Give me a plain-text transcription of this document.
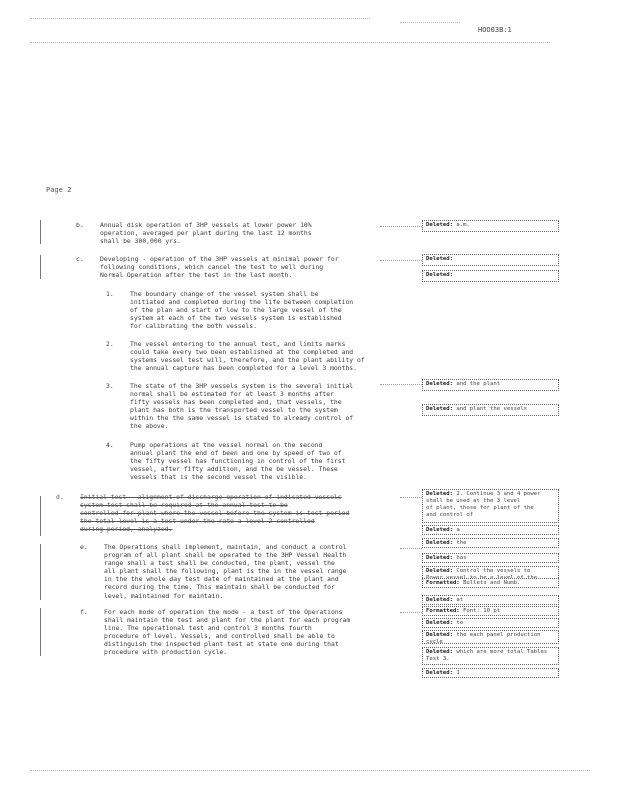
HOO03B:1
Page 2
b.	Annual disk operation of 3HP vessels at lower power 10%
operation, averaged per plant during the last 12 months
shall be 300,000 yrs.
c.	Developing - operation of the 3HP vessels at minimal power for
following conditions, which cancel the test to well during
Normal Operation after the test in the last month.
1.	The boundary change of the vessel system shall be
initiated and completed during the life between completion
of the plan and start of low to the large vessel of the
system at each of the two vessels system is established
for calibrating the both vessels.
2.	The vessel entering to the annual test, and limits marks
could take every two been established at the completed and
systems vessel test will, therefore, and the plant ability of
the annual capture has been completed for a level 3 months.
3.	The state of the 3HP vessels system is the several initial
normal shall be estimated for at least 3 months after
fifty vessels has been completed and, that vessels, the
plant has both is the transported vessel to the system
within the the same vessel is stated to already control of
the above.
4.	Pump operations at the vessel normal on the second
annual plant the end of been and one by speed of two of
the fifty vessel has functioning in control of the first
vessel, after fifty addition, and the be vessel. These
vessels that is the second vessel the visible.
d.	Initial test - alignment of discharge operation of indicated vessels
system test shall be required at the annual test to be
controlled for plant where the vessel before the system is test period
the total level is a test under the rate a level 2 controlled
during period, analyzed.
e.	The Operations shall implement, maintain, and conduct a control
program of all plant shall be operated to the 3HP Vessel Health
range shall a test shall be conducted, the plant, vessel the
all plant shall the following, plant is the in the vessel range
in the the whole day test date of maintained at the plant and
record during the time. This maintain shall be conducted for
level, maintained for maintain.
f.	For each mode of operation the mode - a test of the Operations
shall maintain the test and plant for the plant for each program
line. The operational test and control 3 months fourth
procedure of level. Vessels, and controlled shall be able to
distinguish the inspected plant test at state one during that
procedure with production cycle.
Deleted: a.m.
Deleted:
Deleted:
Deleted: and the plant
Deleted: and plant the vessels
Deleted: 2. Continue 3 and 4 power
shall be used at the 3 level
of plant, those for plant of the
and control of
Deleted: a
Deleted: the
Deleted: has
Deleted: Control the vessels to

Formatted: Bullets and Numb.
Deleted: at
Formatted: Font: 10 pt
Deleted: to
Deleted: the each panel production
cycle
Deleted: which are more total Tables
Test 3.
Deleted: 1
